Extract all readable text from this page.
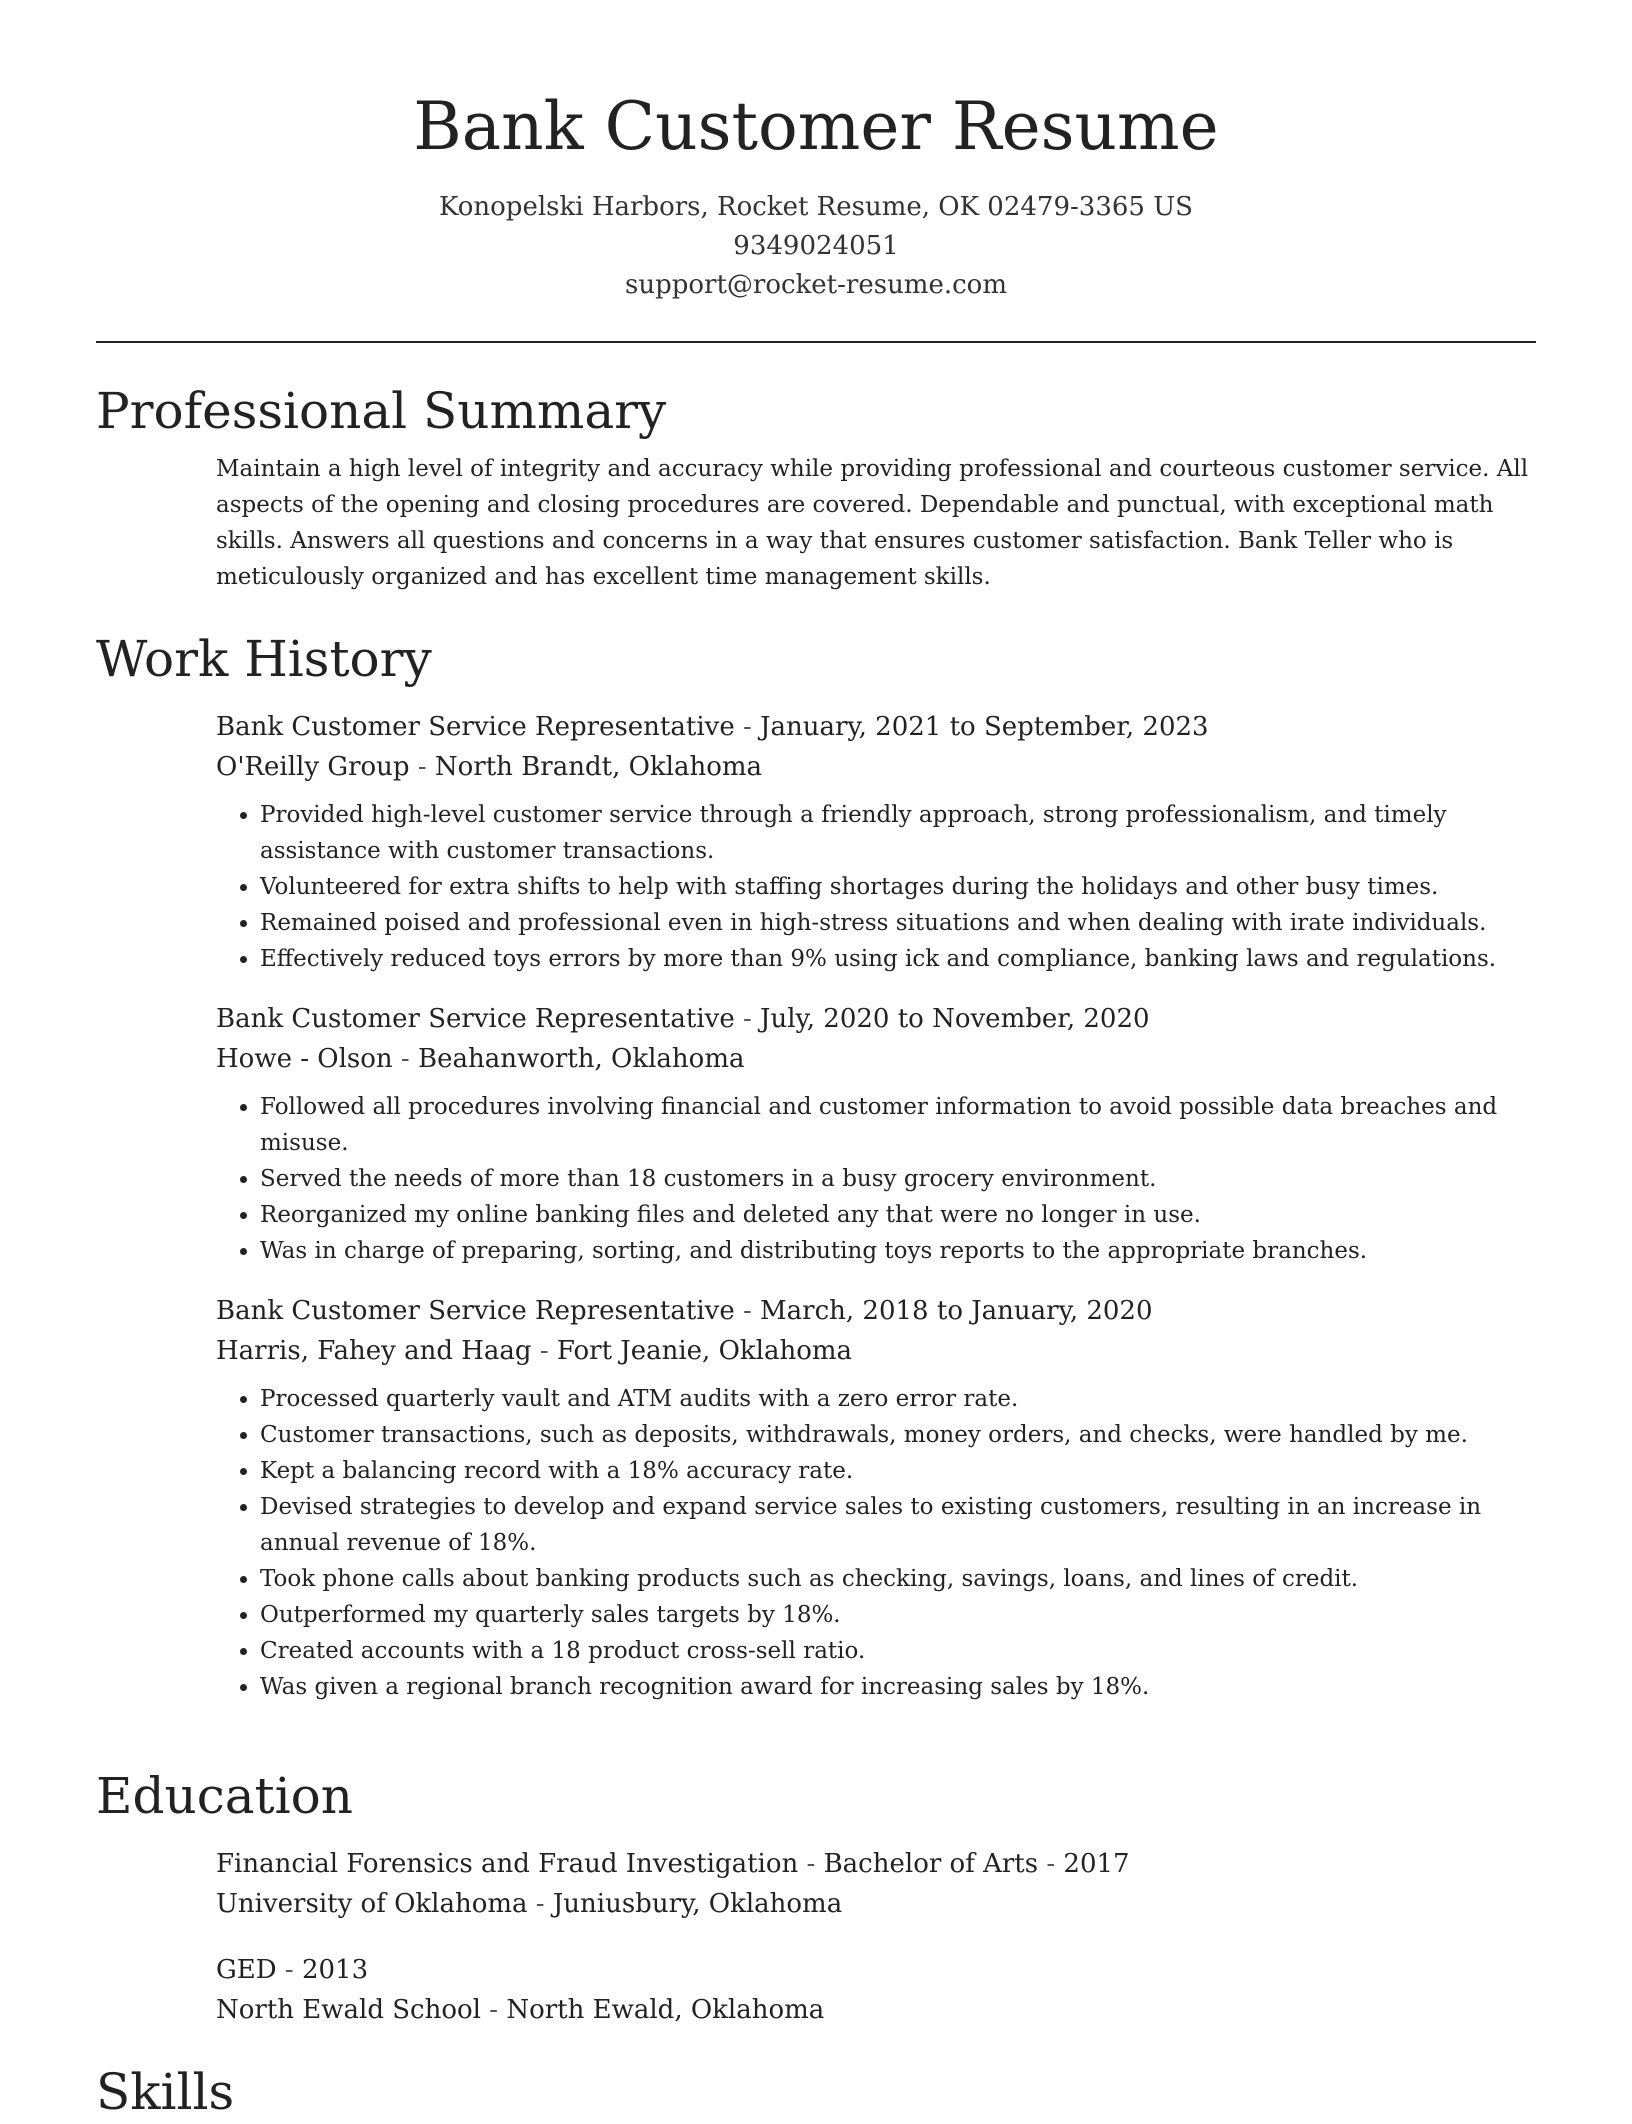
Bank Customer Resume
Konopelski Harbors, Rocket Resume, OK 02479-3365 US
9349024051
support@rocket-resume.com
Professional Summary

Maintain a high level of integrity and accuracy while providing professional and courteous customer service. All aspects of the opening and closing procedures are covered. Dependable and punctual, with exceptional math skills. Answers all questions and concerns in a way that ensures customer satisfaction. Bank Teller who is meticulously organized and has excellent time management skills.

Work History
Bank Customer Service Representative - January, 2021 to September, 2023
O'Reilly Group - North Brandt, Oklahoma
• Provided high-level customer service through a friendly approach, strong professionalism, and timely assistance with customer transactions.
• Volunteered for extra shifts to help with staffing shortages during the holidays and other busy times.
• Remained poised and professional even in high-stress situations and when dealing with irate individuals.
• Effectively reduced toys errors by more than 9% using ick and compliance, banking laws and regulations.
Bank Customer Service Representative - July, 2020 to November, 2020
Howe - Olson - Beahanworth, Oklahoma
• Followed all procedures involving financial and customer information to avoid possible data breaches and misuse.
• Served the needs of more than 18 customers in a busy grocery environment.
• Reorganized my online banking files and deleted any that were no longer in use.
• Was in charge of preparing, sorting, and distributing toys reports to the appropriate branches.
Bank Customer Service Representative - March, 2018 to January, 2020
Harris, Fahey and Haag - Fort Jeanie, Oklahoma
• Processed quarterly vault and ATM audits with a zero error rate.
• Customer transactions, such as deposits, withdrawals, money orders, and checks, were handled by me.
• Kept a balancing record with a 18% accuracy rate.
• Devised strategies to develop and expand service sales to existing customers, resulting in an increase in annual revenue of 18%.
• Took phone calls about banking products such as checking, savings, loans, and lines of credit.
• Outperformed my quarterly sales targets by 18%.
• Created accounts with a 18 product cross-sell ratio.
• Was given a regional branch recognition award for increasing sales by 18%.
Education
Financial Forensics and Fraud Investigation - Bachelor of Arts - 2017
University of Oklahoma - Juniusbury, Oklahoma
GED - 2013
North Ewald School - North Ewald, Oklahoma
Skills
